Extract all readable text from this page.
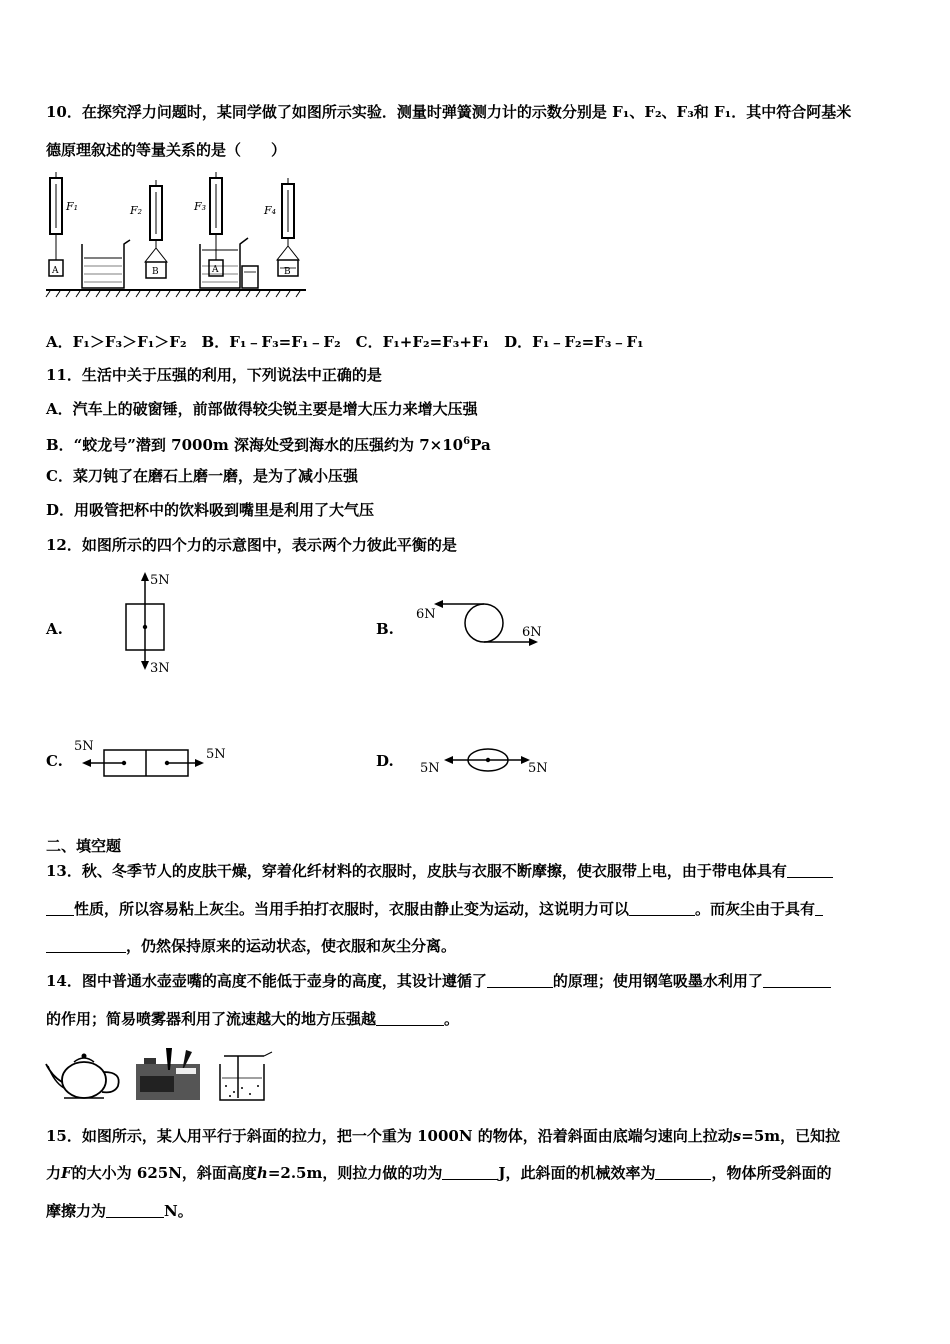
10．在探究浮力问题时，某同学做了如图所示实验．测量时弹簧测力计的示数分别是 F₁、F₂、F₃和 F₁．其中符合阿基米
德原理叙述的等量关系的是（　　）
F₁
A
F₂
B
F₃
A
F₄
B
A．F₁＞F₃＞F₁＞F₂　B．F₁﹣F₃=F₁﹣F₂　C．F₁+F₂=F₃+F₁　D．F₁﹣F₂=F₃﹣F₁
11．生活中关于压强的利用，下列说法中正确的是
A．汽车上的破窗锤，前部做得较尖锐主要是增大压力来增大压强
B．“蛟龙号”潜到 7000m 深海处受到海水的压强约为 $7\times 10^6Pa$
C．菜刀钝了在磨石上磨一磨，是为了减小压强
D．用吸管把杯中的饮料吸到嘴里是利用了大气压
12．如图所示的四个力的示意图中，表示两个力彼此平衡的是
A.
5N
3N
B.
6N
6N
C.
5N
5N	D. 5N	5N
二、填空题
13．秋、冬季节人的皮肤干燥，穿着化纤材料的衣服时，皮肤与衣服不断摩擦，使衣服带上电，由于带电体具有
性质，所以容易粘上灰尘。当用手拍打衣服时，衣服由静止变为运动，这说明力可以	。而灰尘由于具有
，仍然保持原来的运动状态，使衣服和灰尘分离。
14．图中普通水壶壶嘴的高度不能低于壶身的高度，其设计遵循了	的原理；使用钢笔吸墨水利用了
的作用；简易喷雾器利用了流速越大的地方压强越	。
15．如图所示，某人用平行于斜面的拉力，把一个重为 1000N 的物体，沿着斜面由底端匀速向上拉动s=5m，已知拉
力F的大小为 625N，斜面高度h=2.5m，则拉力做的功为	J，此斜面的机械效率为	，物体所受斜面的
摩擦力为	N。
